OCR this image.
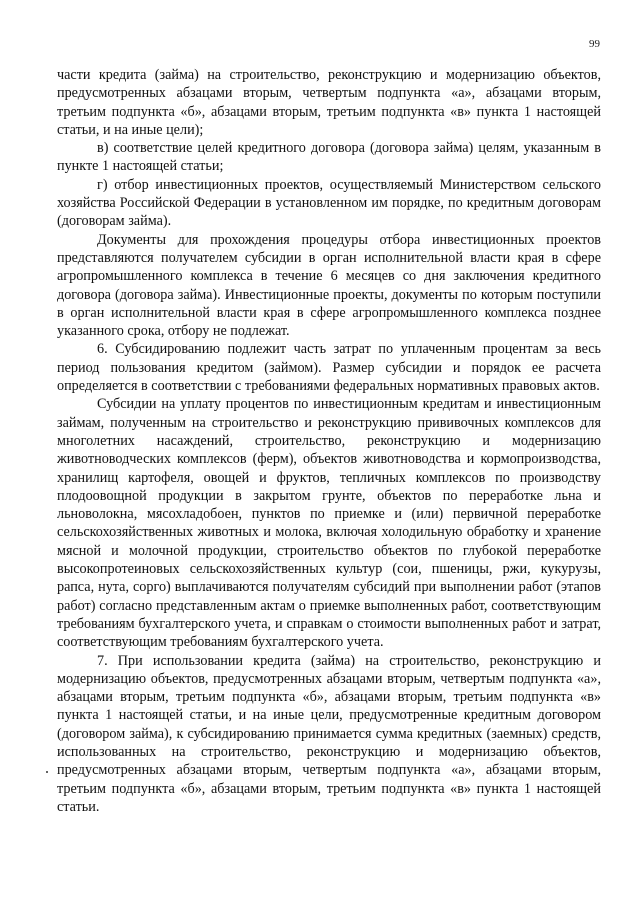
99

части кредита (займа) на строительство, реконструкцию и модернизацию объектов, предусмотренных абзацами вторым, четвертым подпункта «а», абзацами вторым, третьим подпункта «б», абзацами вторым, третьим подпункта «в» пункта 1 настоящей статьи, и на иные цели);

в) соответствие целей кредитного договора (договора займа) целям, указанным в пункте 1 настоящей статьи;

г) отбор инвестиционных проектов, осуществляемый Министерством сельского хозяйства Российской Федерации в установленном им порядке, по кредитным договорам (договорам займа).

Документы для прохождения процедуры отбора инвестиционных проектов представляются получателем субсидии в орган исполнительной власти края в сфере агропромышленного комплекса в течение 6 месяцев со дня заключения кредитного договора (договора займа). Инвестиционные проекты, документы по которым поступили в орган исполнительной власти края в сфере агропромышленного комплекса позднее указанного срока, отбору не подлежат.

6. Субсидированию подлежит часть затрат по уплаченным процентам за весь период пользования кредитом (займом). Размер субсидии и порядок ее расчета определяется в соответствии с требованиями федеральных нормативных правовых актов.

Субсидии на уплату процентов по инвестиционным кредитам и инвестиционным займам, полученным на строительство и реконструкцию прививочных комплексов для многолетних насаждений, строительство, реконструкцию и модернизацию животноводческих комплексов (ферм), объектов животноводства и кормопроизводства, хранилищ картофеля, овощей и фруктов, тепличных комплексов по производству плодоовощной продукции в закрытом грунте, объектов по переработке льна и льноволокна, мясохладобоен, пунктов по приемке и (или) первичной переработке сельскохозяйственных животных и молока, включая холодильную обработку и хранение мясной и молочной продукции, строительство объектов по глубокой переработке высокопротеиновых сельскохозяйственных культур (сои, пшеницы, ржи, кукурузы, рапса, нута, сорго) выплачиваются получателям субсидий при выполнении работ (этапов работ) согласно представленным актам о приемке выполненных работ, соответствующим требованиям бухгалтерского учета, и справкам о стоимости выполненных работ и затрат, соответствующим требованиям бухгалтерского учета.

7. При использовании кредита (займа) на строительство, реконструкцию и модернизацию объектов, предусмотренных абзацами вторым, четвертым подпункта «а», абзацами вторым, третьим подпункта «б», абзацами вторым, третьим подпункта «в» пункта 1 настоящей статьи, и на иные цели, предусмотренные кредитным договором (договором займа), к субсидированию принимается сумма кредитных (заемных) средств, использованных на строительство, реконструкцию и модернизацию объектов, предусмотренных абзацами вторым, четвертым подпункта «а», абзацами вторым, третьим подпункта «б», абзацами вторым, третьим подпункта «в» пункта 1 настоящей статьи.
